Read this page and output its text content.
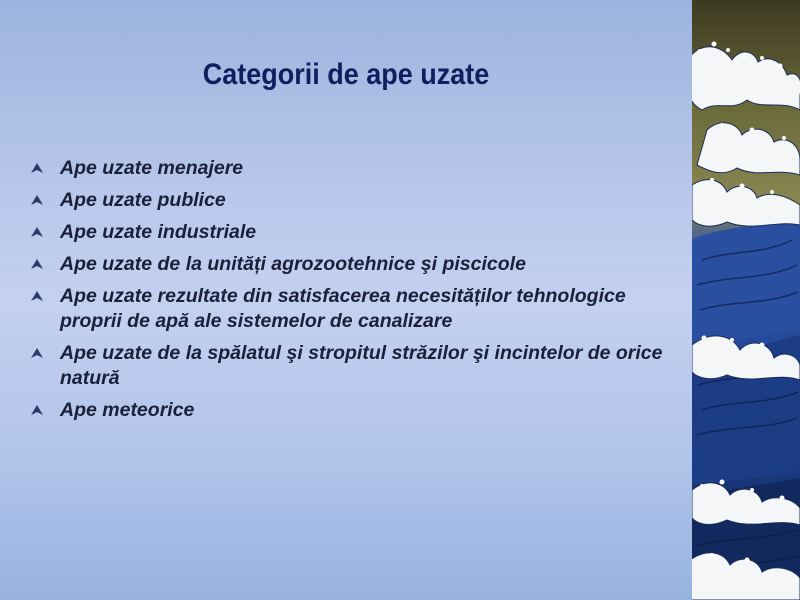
Categorii de ape uzate
Ape uzate menajere
Ape uzate publice
Ape uzate industriale
Ape uzate de la unități agrozootehnice şi piscicole
Ape uzate rezultate din satisfacerea necesităților tehnologice proprii de apă ale sistemelor de canalizare
Ape uzate de la spălatul şi stropitul străzilor şi incintelor de orice natură
Ape meteorice
